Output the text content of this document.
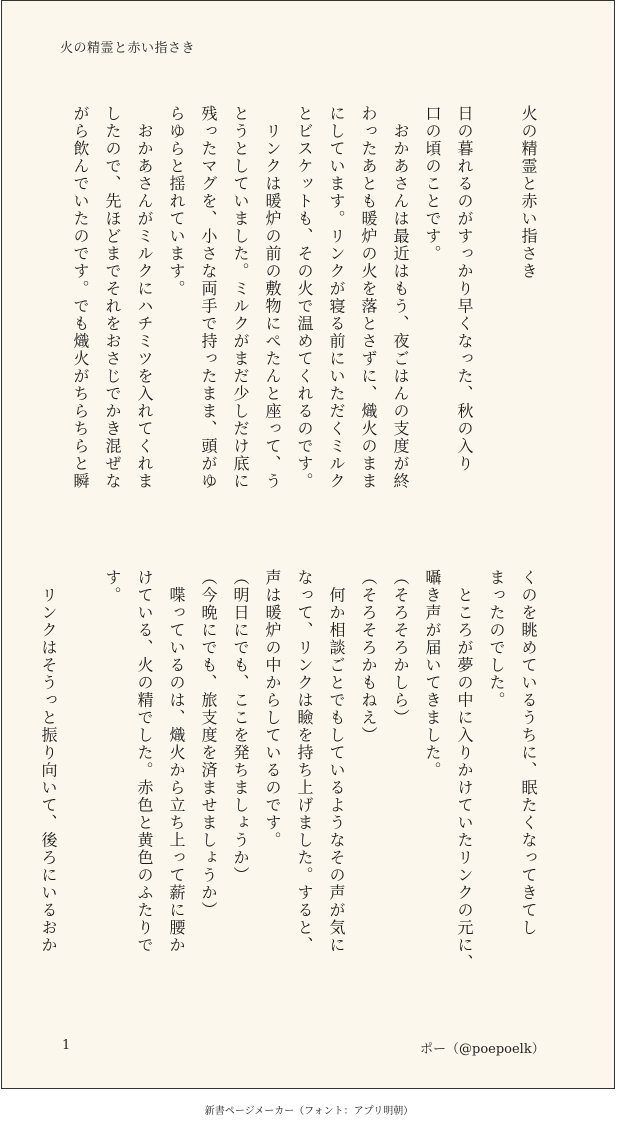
火の精霊と赤い指さき
火の精霊と赤い指さき

日の暮れるのがすっかり早くなった、秋の入り
口の頃のことです。
　おかあさんは最近はもう、夜ごはんの支度が終
わったあとも暖炉の火を落とさずに、熾火のまま
にしています。リンクが寝る前にいただくミルク
とビスケットも、その火で温めてくれるのです。
　リンクは暖炉の前の敷物にぺたんと座って、う
とうとしていました。ミルクがまだ少しだけ底に
残ったマグを、小さな両手で持ったまま、頭がゆ
らゆらと揺れています。
　おかあさんがミルクにハチミツを入れてくれま
したので、先ほどまでそれをおさじでかき混ぜな
がら飲んでいたのです。でも熾火がちらちらと瞬
くのを眺めているうちに、眠たくなってきてし
まったのでした。
　ところが夢の中に入りかけていたリンクの元に、
囁き声が届いてきました。
（そろそろかしら）
（そろそろかもねえ）
　何か相談ごとでもしているようなその声が気に
なって、リンクは瞼を持ち上げました。すると、
声は暖炉の中からしているのです。
（明日にでも、ここを発ちましょうか）
（今晩にでも、旅支度を済ませましょうか）
　喋っているのは、熾火から立ち上って薪に腰か
けている、火の精でした。赤色と黄色のふたりで
す。

　リンクはそうっと振り向いて、後ろにいるおか
1	ポー（@poepoelk）
新書ページメーカー（フォント：アプリ明朝）
